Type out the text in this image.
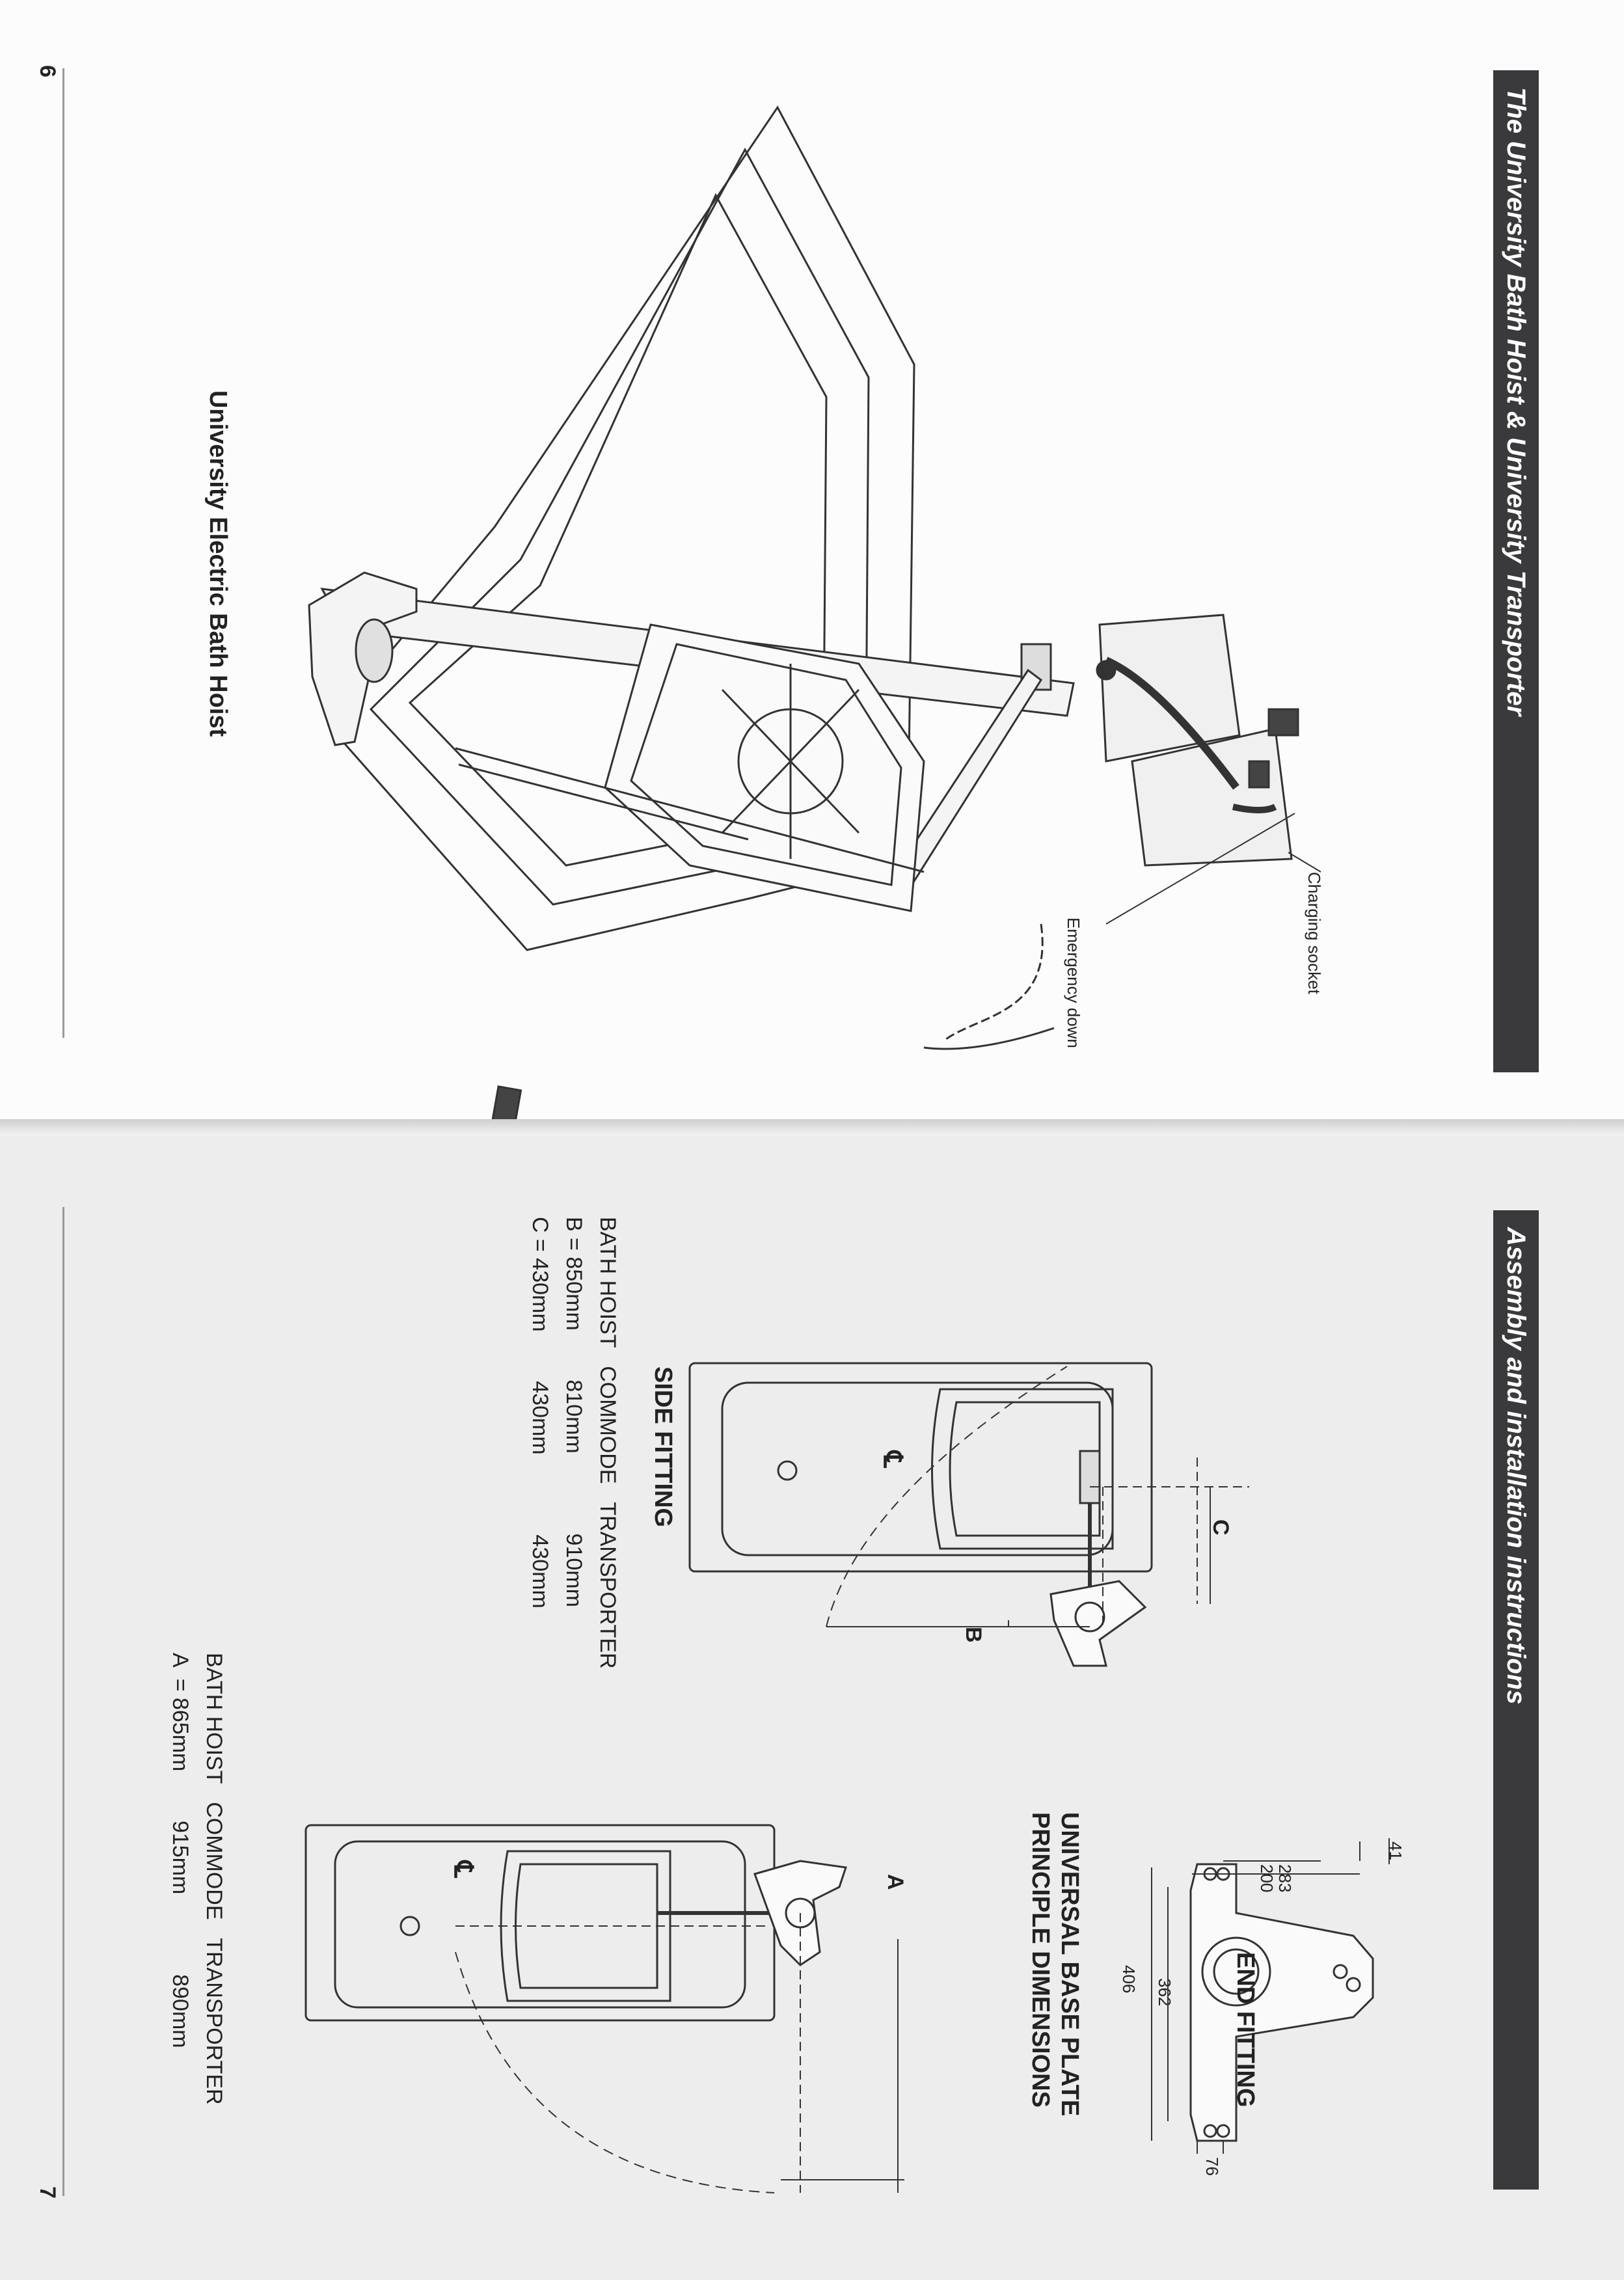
The University Bath Hoist & University Transporter
6
University Electric Bath Hoist
Charging socket
Emergency down
Assembly and installation instructions
7
UNIVERSAL BASE PLATE
PRINCIPLE DIMENSIONS	41
283
200
362
406
76
SIDE FITTING
C
B
℄
BATH HOIST   COMMODE   TRANSPORTER
B = 850mm        810mm             910mm
C = 430mm        430mm             430mm
END FITTING
A
℄
BATH HOIST   COMMODE   TRANSPORTER
A  = 865mm        915mm             890mm
